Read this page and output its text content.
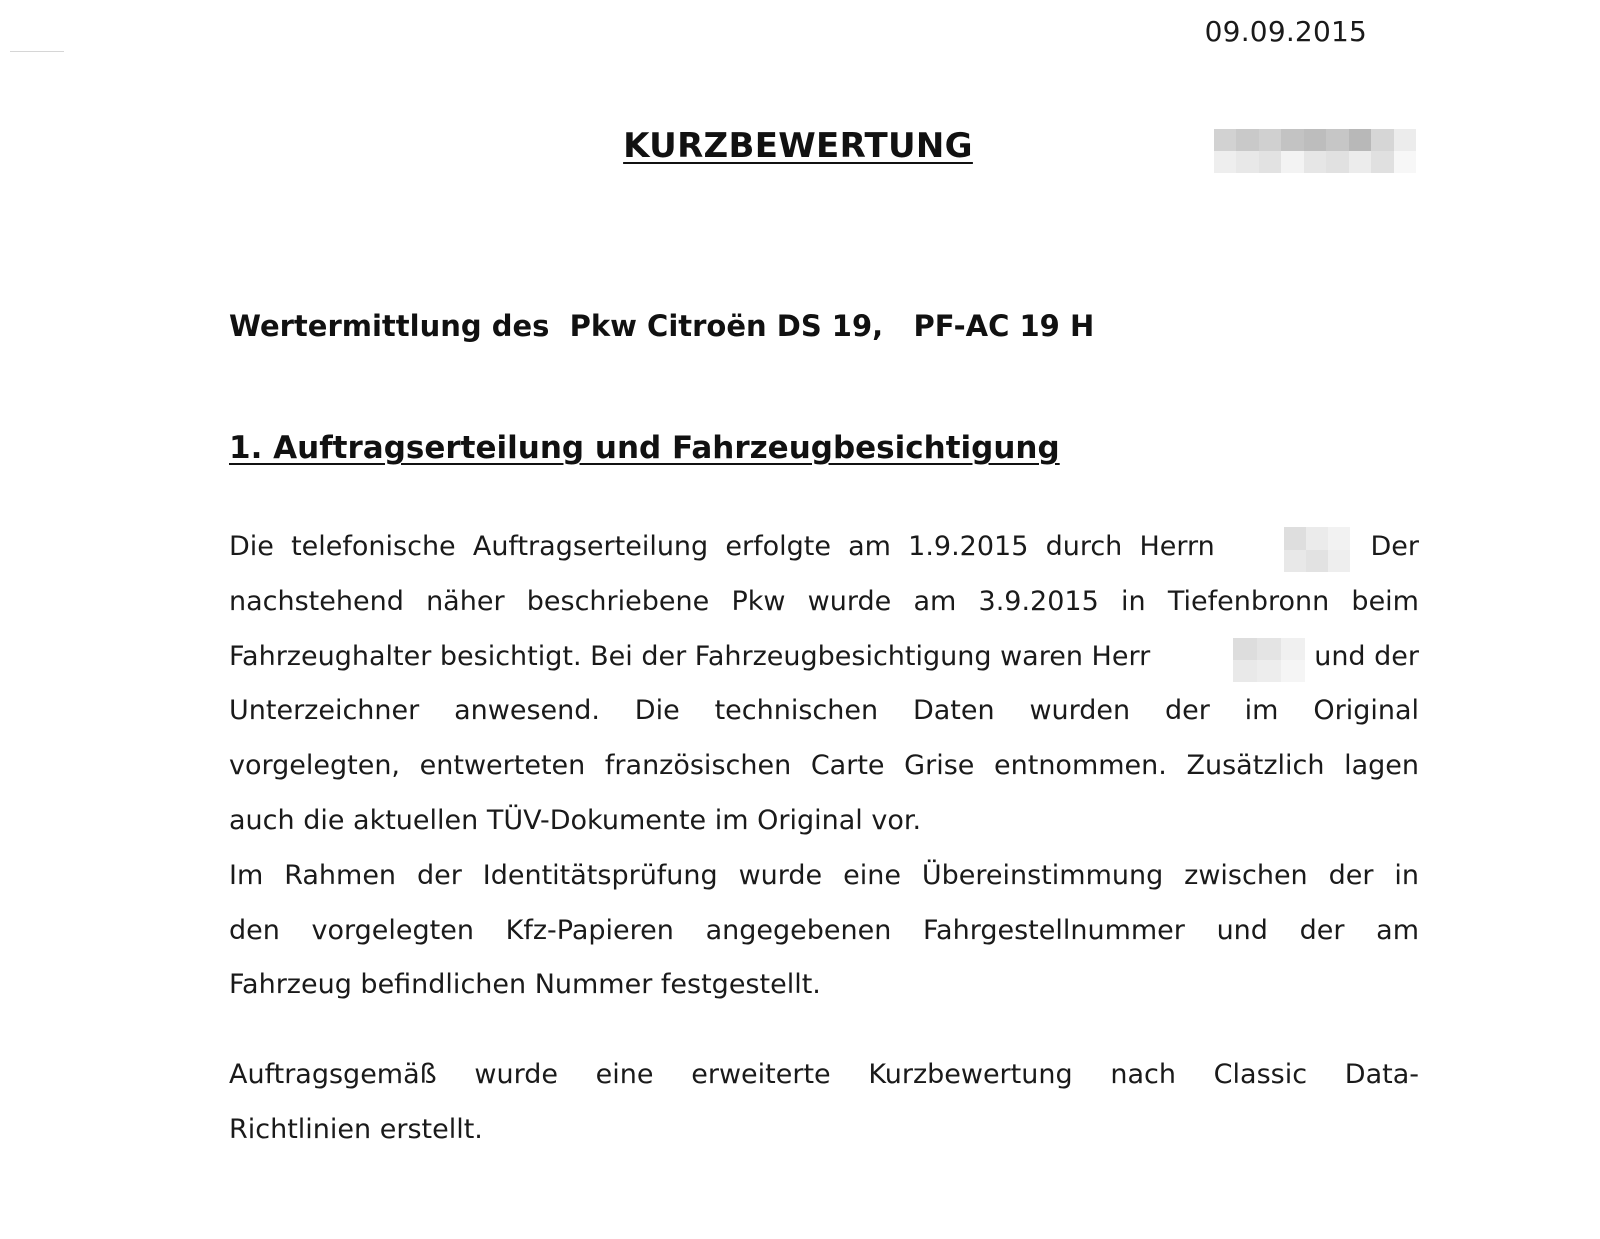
09.09.2015
KURZBEWERTUNG
Wertermittlung des  Pkw Citroën DS 19,   PF-AC 19 H
1. Auftragserteilung und Fahrzeugbesichtigung
Die telefonische Auftragserteilung erfolgte am 1.9.2015 durch Herrn	Der
nachstehend näher beschriebene Pkw wurde am 3.9.2015 in Tiefenbronn beim
Fahrzeughalter besichtigt. Bei der Fahrzeugbesichtigung waren Herr	und der
Unterzeichner anwesend. Die technischen Daten wurden der im Original
vorgelegten, entwerteten französischen Carte Grise entnommen. Zusätzlich lagen
auch die aktuellen TÜV-Dokumente im Original vor.
Im Rahmen der Identitätsprüfung wurde eine Übereinstimmung zwischen der in
den vorgelegten Kfz-Papieren angegebenen Fahrgestellnummer und der am
Fahrzeug befindlichen Nummer festgestellt.
Auftragsgemäß wurde eine erweiterte Kurzbewertung nach Classic Data-
Richtlinien erstellt.
